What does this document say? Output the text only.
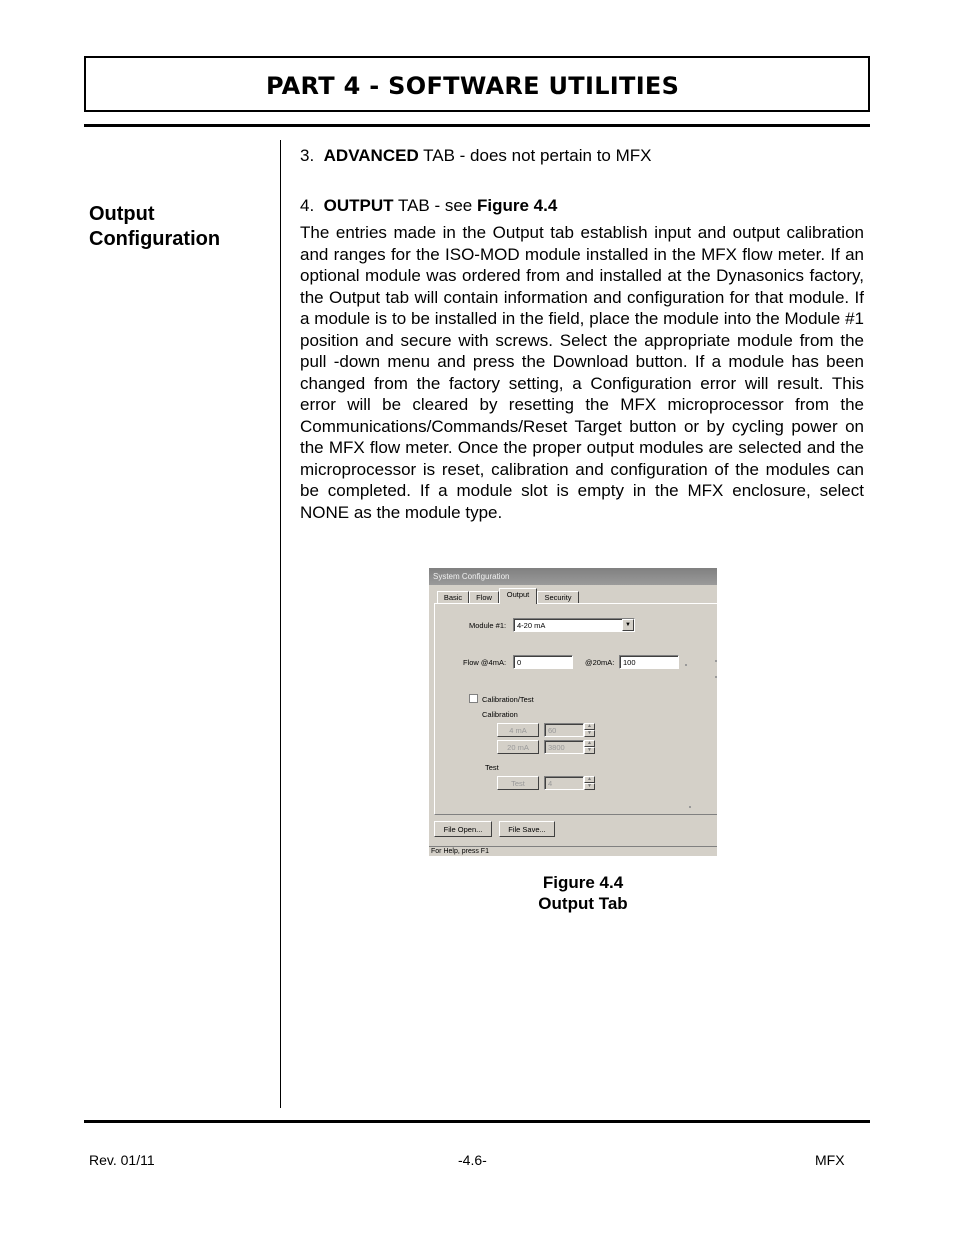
PART 4 - SOFTWARE UTILITIES
Output
Configuration
3. ADVANCED TAB - does not pertain to MFX
4. OUTPUT TAB - see Figure 4.4
The entries made in the Output tab establish input and output calibration and ranges for the ISO-MOD module installed in the MFX flow meter. If an optional module was ordered from and installed at the Dynasonics factory, the Output tab will contain information and configuration for that module. If a module is to be installed in the field, place the module into the Module #1 position and secure with screws. Select the appropriate module from the pull -down menu and press the Download button. If a module has been changed from the factory setting, a Configuration error will result. This error will be cleared by resetting the MFX microprocessor from the Communications/Commands/Reset Target button or by cycling power on the MFX flow meter. Once the proper output modules are selected and the microprocessor is reset, calibration and configuration of the modules can be completed. If a module slot is empty in the MFX enclosure, select NONE as the module type.
System Configuration
Basic	Flow	Output	Security
Module #1:	4-20 mA	▼
Flow @4mA:	0	@20mA:	100
Calibration/Test
Calibration
4 mA	60	▲
▼
20 mA	3800	▲
▼
Test
Test	4	▲
▼
File Open...	File Save...
For Help, press F1
Figure 4.4
Output Tab
Rev. 01/11	-4.6-	MFX
